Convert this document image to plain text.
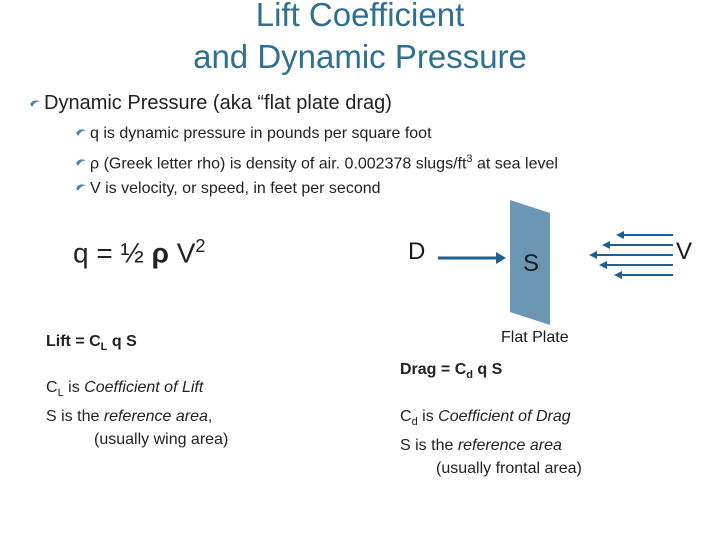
Lift Coefficient
and Dynamic Pressure
Dynamic Pressure (aka “flat plate drag)
q is dynamic pressure in pounds per square foot
ρ (Greek letter rho) is density of air. 0.002378 slugs/$ft^3$ at sea level
V is velocity, or speed, in feet per second
q = ½ ρ $V^2$
Lift = $C_L$ q S
$C_L$ is Coefficient of Lift
S is the reference area,
(usually wing area)
D	S	V
Flat Plate
Drag = $C_d$ q S
$C_d$ is Coefficient of Drag
S is the reference area
(usually frontal area)
